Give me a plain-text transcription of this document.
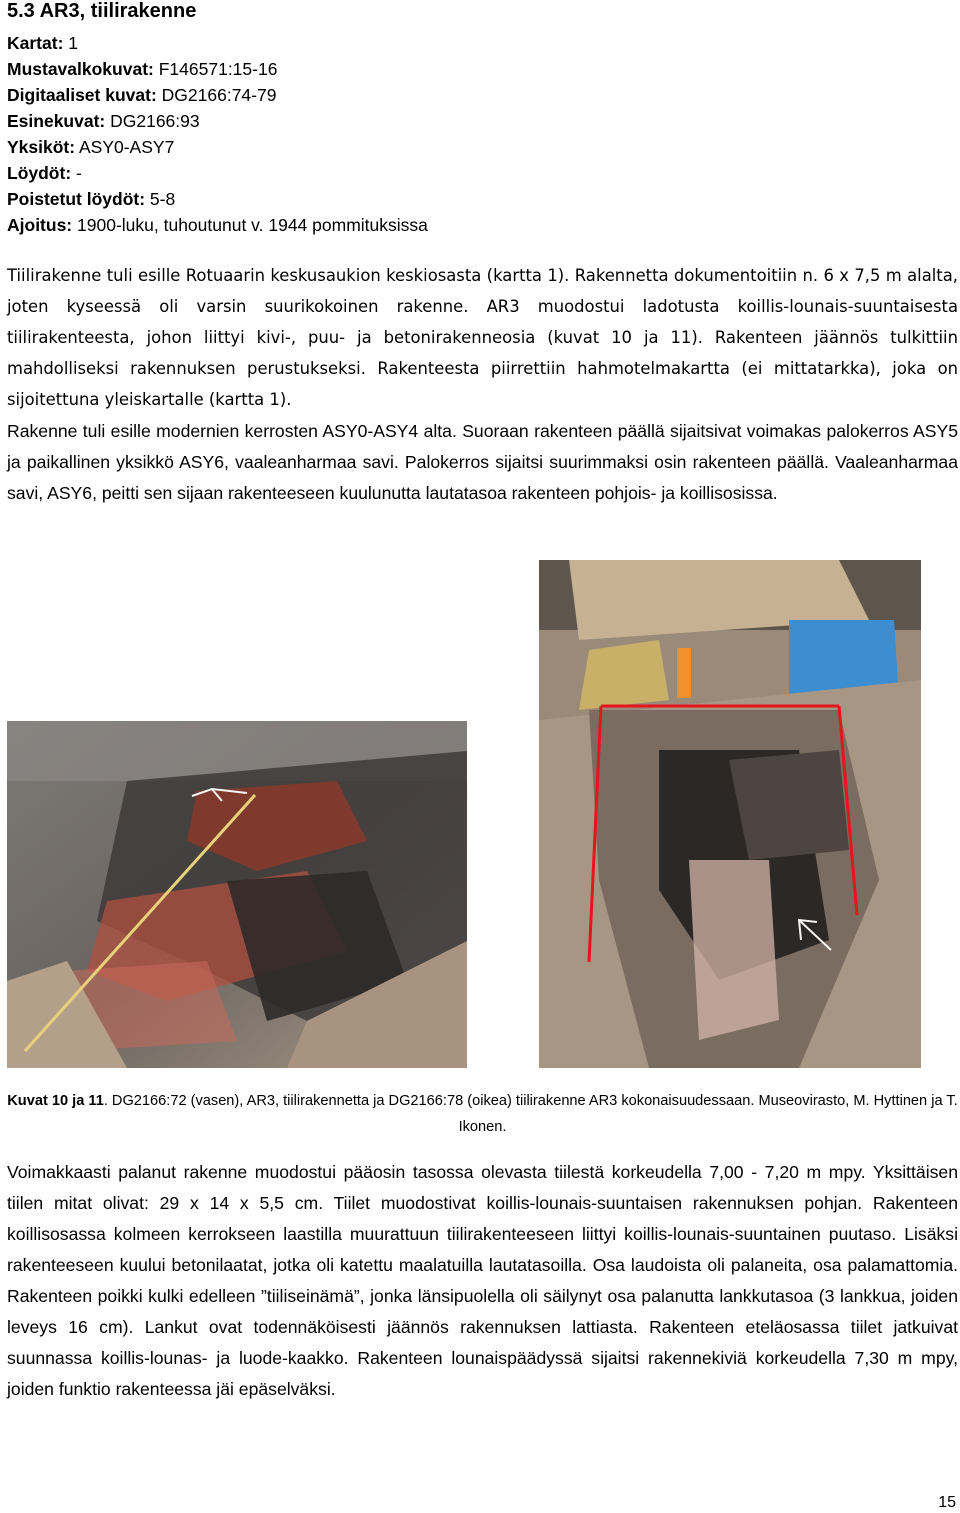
5.3 AR3, tiilirakenne
Kartat: 1
Mustavalkokuvat: F146571:15-16
Digitaaliset kuvat: DG2166:74-79
Esinekuvat: DG2166:93
Yksiköt: ASY0-ASY7
Löydöt: -
Poistetut löydöt: 5-8
Ajoitus: 1900-luku, tuhoutunut v. 1944 pommituksissa

Tiilirakenne tuli esille Rotuaarin keskusaukion keskiosasta (kartta 1). Rakennetta dokumentoitiin n. 6 x 7,5 m alalta, joten kyseessä oli varsin suurikokoinen rakenne. AR3 muodostui ladotusta koillis-lounais-suuntaisesta tiilirakenteesta, johon liittyi kivi-, puu- ja betonirakenneosia (kuvat 10 ja 11). Rakenteen jäännös tulkittiin mahdolliseksi rakennuksen perustukseksi. Rakenteesta piirrettiin hahmotelmakartta (ei mittatarkka), joka on sijoitettuna yleiskartalle (kartta 1).

Rakenne tuli esille modernien kerrosten ASY0-ASY4 alta. Suoraan rakenteen päällä sijaitsivat voimakas palokerros ASY5 ja paikallinen yksikkö ASY6, vaaleanharmaa savi. Palokerros sijaitsi suurimmaksi osin rakenteen päällä. Vaaleanharmaa savi, ASY6, peitti sen sijaan rakenteeseen kuulunutta lautatasoa rakenteen pohjois- ja koillisosissa.

Kuvat 10 ja 11. DG2166:72 (vasen), AR3, tiilirakennetta ja DG2166:78 (oikea) tiilirakenne AR3 kokonaisuudessaan. Museovirasto, M. Hyttinen ja T. Ikonen.

Voimakkaasti palanut rakenne muodostui pääosin tasossa olevasta tiilestä korkeudella 7,00 - 7,20 m mpy. Yksittäisen tiilen mitat olivat: 29 x 14 x 5,5 cm. Tiilet muodostivat koillis-lounais-suuntaisen rakennuksen pohjan. Rakenteen koillisosassa kolmeen kerrokseen laastilla muurattuun tiilirakenteeseen liittyi koillis-lounais-suuntainen puutaso. Lisäksi rakenteeseen kuului betonilaatat, jotka oli katettu maalatuilla lautatasoilla. Osa laudoista oli palaneita, osa palamattomia. Rakenteen poikki kulki edelleen ”tiiliseinämä”, jonka länsipuolella oli säilynyt osa palanutta lankkutasoa (3 lankkua, joiden leveys 16 cm). Lankut ovat todennäköisesti jäännös rakennuksen lattiasta. Rakenteen eteläosassa tiilet jatkuivat suunnassa koillis-lounas- ja luode-kaakko. Rakenteen lounaispäädyssä sijaitsi rakennekiviä korkeudella 7,30 m mpy, joiden funktio rakenteessa jäi epäselväksi.

15
